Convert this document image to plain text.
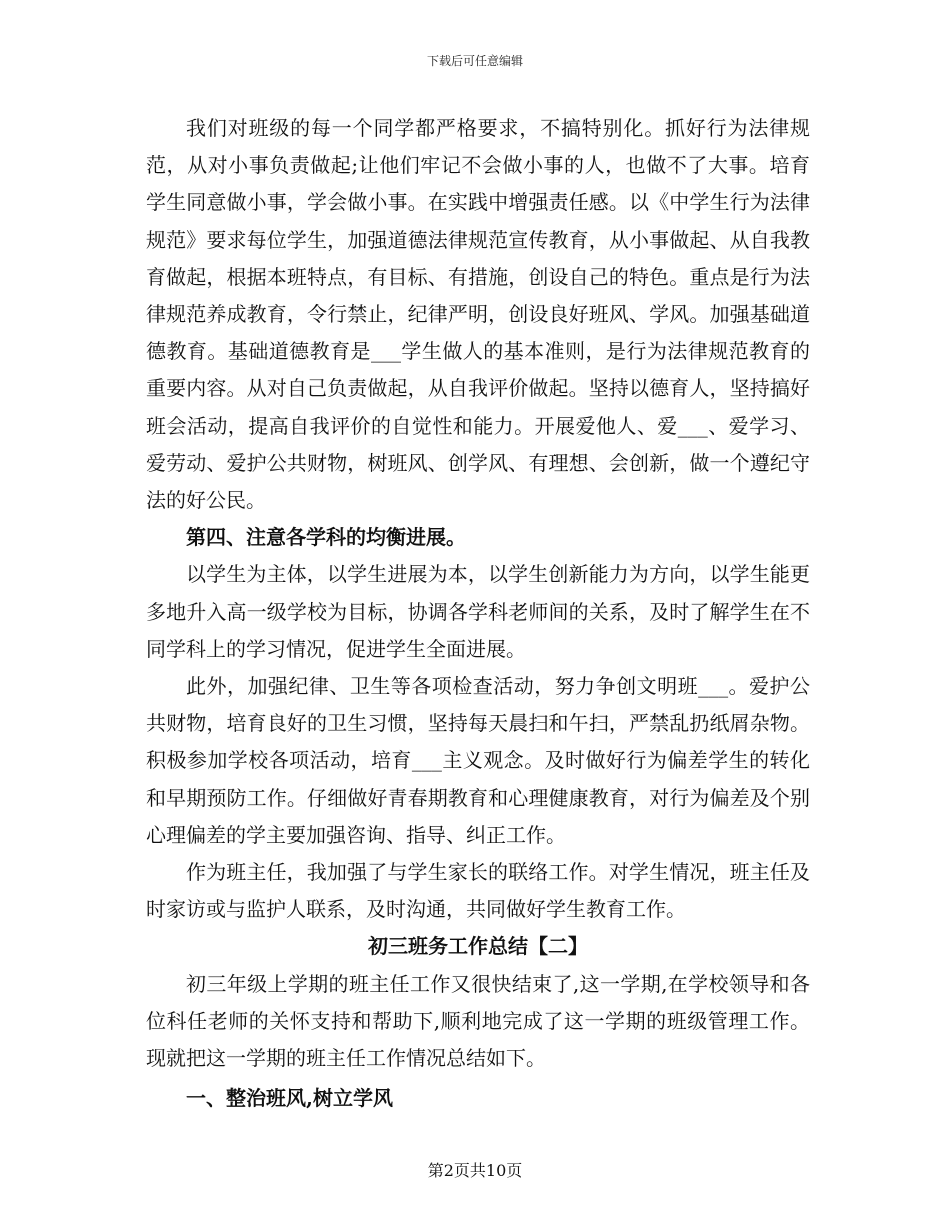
下载后可任意编辑

我们对班级的每一个同学都严格要求，不搞特别化。抓好行为法律规范，从对小事负责做起;让他们牢记不会做小事的人，也做不了大事。培育学生同意做小事，学会做小事。在实践中增强责任感。以《中学生行为法律规范》要求每位学生，加强道德法律规范宣传教育，从小事做起、从自我教育做起，根据本班特点，有目标、有措施，创设自己的特色。重点是行为法律规范养成教育，令行禁止，纪律严明，创设良好班风、学风。加强基础道德教育。基础道德教育是___学生做人的基本准则，是行为法律规范教育的重要内容。从对自己负责做起，从自我评价做起。坚持以德育人，坚持搞好班会活动，提高自我评价的自觉性和能力。开展爱他人、爱___、爱学习、爱劳动、爱护公共财物，树班风、创学风、有理想、会创新，做一个遵纪守法的好公民。

第四、注意各学科的均衡进展。

以学生为主体，以学生进展为本，以学生创新能力为方向，以学生能更多地升入高一级学校为目标，协调各学科老师间的关系，及时了解学生在不同学科上的学习情况，促进学生全面进展。

此外，加强纪律、卫生等各项检查活动，努力争创文明班___。爱护公共财物，培育良好的卫生习惯，坚持每天晨扫和午扫，严禁乱扔纸屑杂物。积极参加学校各项活动，培育___主义观念。及时做好行为偏差学生的转化和早期预防工作。仔细做好青春期教育和心理健康教育，对行为偏差及个别心理偏差的学主要加强咨询、指导、纠正工作。

作为班主任，我加强了与学生家长的联络工作。对学生情况，班主任及时家访或与监护人联系，及时沟通，共同做好学生教育工作。

初三班务工作总结【二】

初三年级上学期的班主任工作又很快结束了,这一学期,在学校领导和各位科任老师的关怀支持和帮助下,顺利地完成了这一学期的班级管理工作。现就把这一学期的班主任工作情况总结如下。

一、整治班风,树立学风

第2页共10页
